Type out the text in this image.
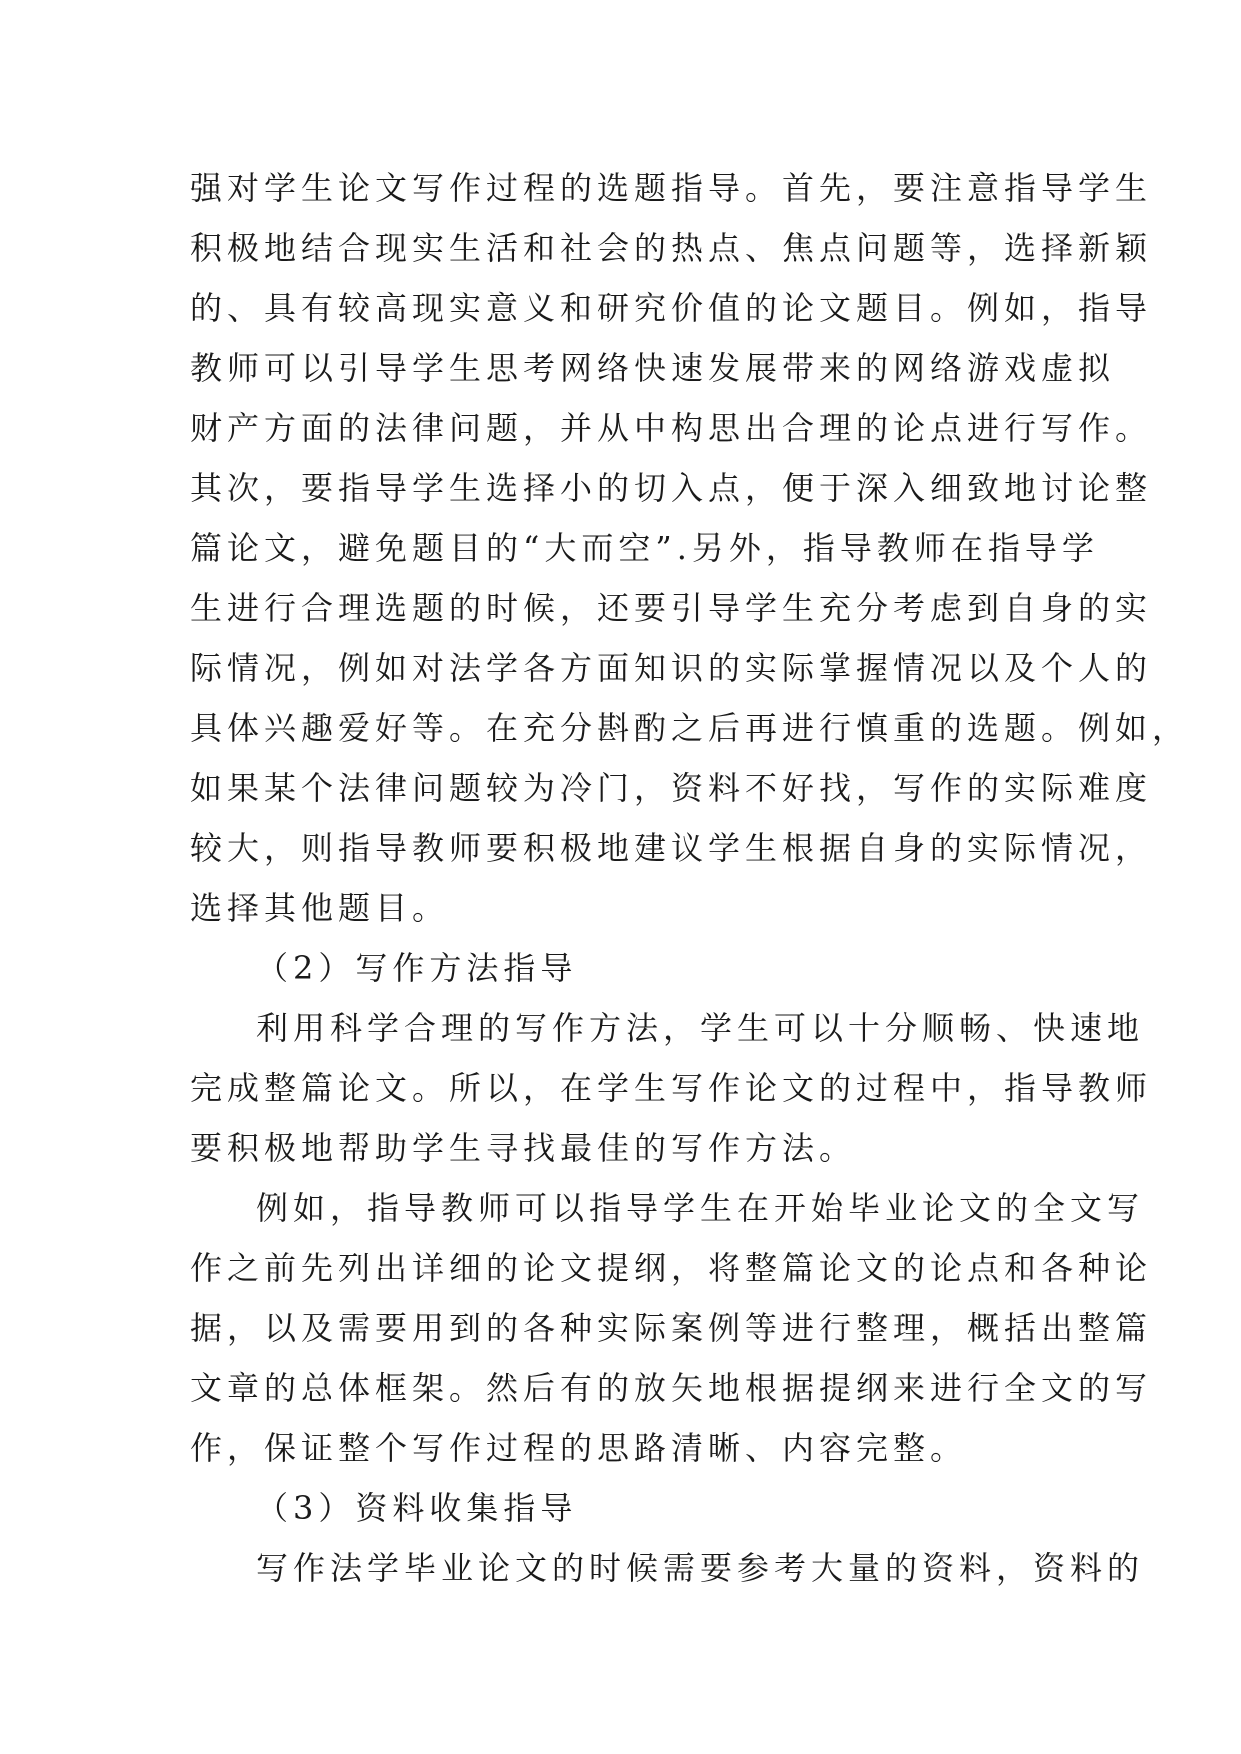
强对学生论文写作过程的选题指导。首先，要注意指导学生
积极地结合现实生活和社会的热点、焦点问题等，选择新颖
的、具有较高现实意义和研究价值的论文题目。例如，指导
教师可以引导学生思考网络快速发展带来的网络游戏虚拟
财产方面的法律问题，并从中构思出合理的论点进行写作。
其次，要指导学生选择小的切入点，便于深入细致地讨论整
篇论文，避免题目的“大而空”.另外，指导教师在指导学
生进行合理选题的时候，还要引导学生充分考虑到自身的实
际情况，例如对法学各方面知识的实际掌握情况以及个人的
具体兴趣爱好等。在充分斟酌之后再进行慎重的选题。例如，
如果某个法律问题较为冷门，资料不好找，写作的实际难度
较大，则指导教师要积极地建议学生根据自身的实际情况，
选择其他题目。
（2）写作方法指导
利用科学合理的写作方法，学生可以十分顺畅、快速地
完成整篇论文。所以，在学生写作论文的过程中，指导教师
要积极地帮助学生寻找最佳的写作方法。
例如，指导教师可以指导学生在开始毕业论文的全文写
作之前先列出详细的论文提纲，将整篇论文的论点和各种论
据，以及需要用到的各种实际案例等进行整理，概括出整篇
文章的总体框架。然后有的放矢地根据提纲来进行全文的写
作，保证整个写作过程的思路清晰、内容完整。
（3）资料收集指导
写作法学毕业论文的时候需要参考大量的资料，资料的
